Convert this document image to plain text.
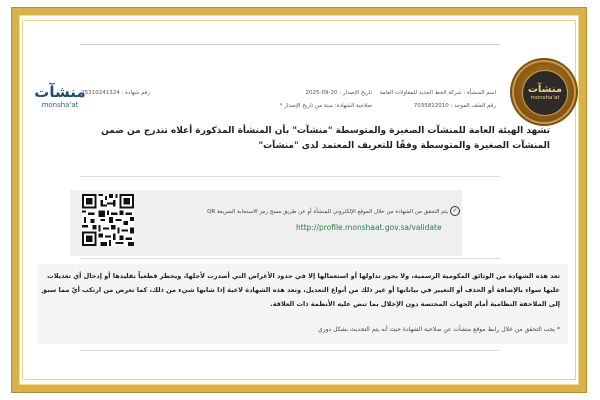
منشآت
monsha'at
منشآت
monsha'at
اسم المنشأة : شركة الخط الجديد للمقاولات العامة
رقم الملف الموحد : 7035812010
تاريخ الإصدار : 20-09-2025
صلاحية الشهادة: سنة من تاريخ الإصدار *
رقم شهادة : 25310241324
تشهد الهيئة العامة للمنشآت الصغيرة والمتوسطة "منشآت" بأن المنشأة المذكورة أعلاه تندرج من ضمن المنشآت الصغيرة والمتوسطة وفقًا للتعريف المعتمد لدى "منشآت"
✓
يتم التحقق من الشهادة من خلال الموقع الإلكتروني للمنشأة أو عن طريق مسح رمز الاستجابة السريعة QR
http://profile.monshaat.gov.sa/validate
تعد هذه الشهادة من الوثائق المكومية الرسمية، ولا يجوز تداولها أو استعمالها إلا في حدود الأغراض التي أصدرت لأجلها، ويحظر قطعياً تقليدها أو إدخال أي تعديلات عليها سواء بالإضافة أو الحذف أو التغيير في بياناتها أو غير ذلك من أنواع التعديل، وتعد هذه الشهادة لاغية إذا شابها شيء من ذلك، كما تعرض من ارتكب أيّ مما سبق إلى الملاحقة النظامية أمام الجهات المختصة دون الإخلال بما تنص عليه الأنظمة ذات العلاقة.
* يجب التحقق من خلال رابط موقع منشآت عن صلاحية الشهادة حيث أنه يتم التحديث بشكل دوري
